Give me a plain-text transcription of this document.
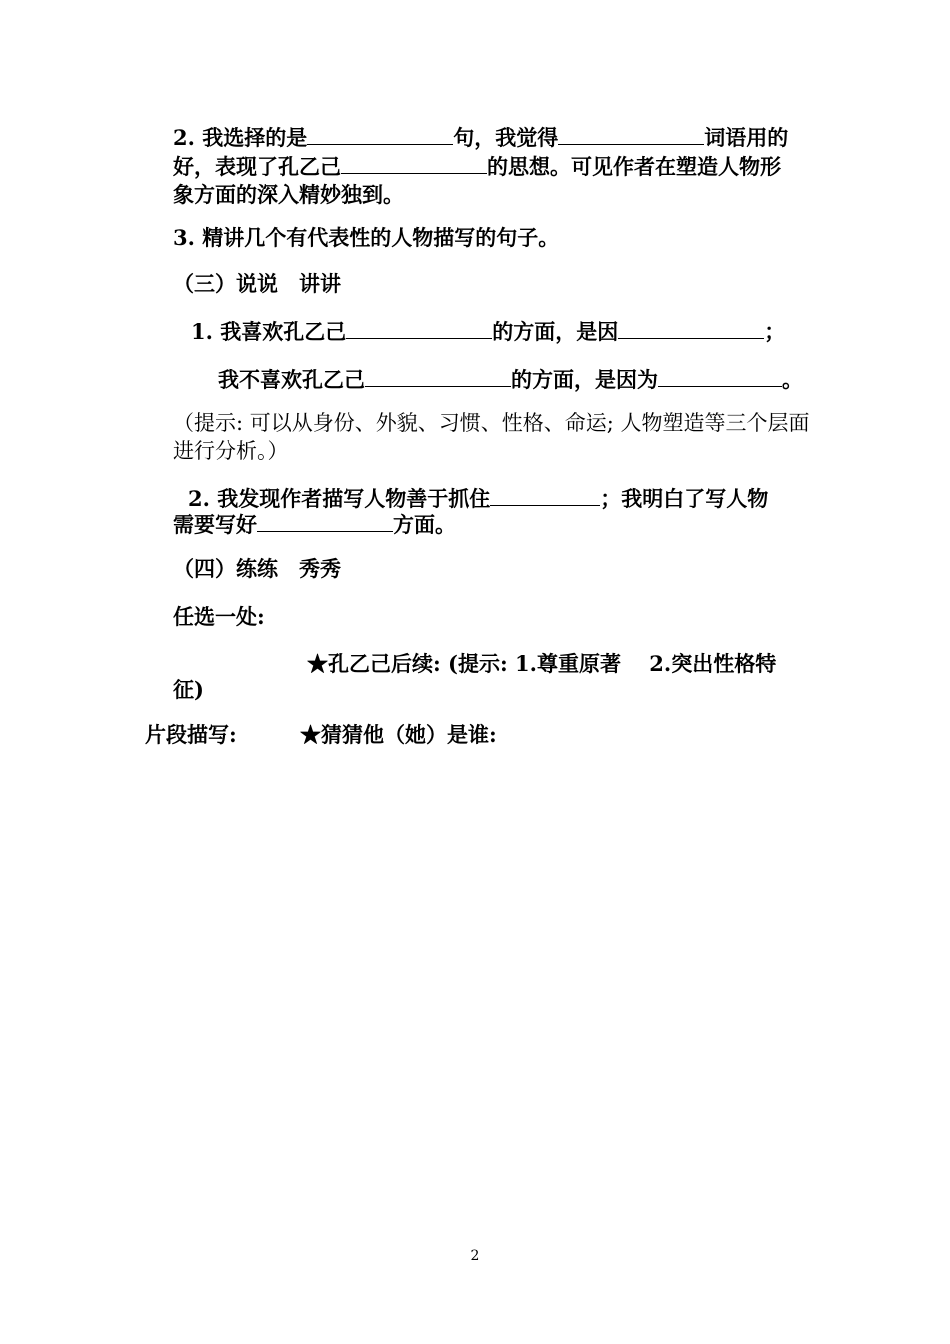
2. 我选择的是	句，我觉得	词语用的
好，表现了孔乙己	的思想。可见作者在塑造人物形
象方面的深入精妙独到。
3. 精讲几个有代表性的人物描写的句子。
（三）说说　讲讲
1. 我喜欢孔乙己	的方面，是因	；
我不喜欢孔乙己	的方面，是因为	。
（提示: 可以从身份、外貌、习惯、性格、命运; 人物塑造等三个层面
进行分析。）
2. 我发现作者描写人物善于抓住	；我明白了写人物
需要写好	方面。
（四）练练　秀秀
任选一处:
★孔乙己后续: (提示: 1.尊重原著　 2.突出性格特
征)
片段描写:	★猜猜他（她）是谁:
2
